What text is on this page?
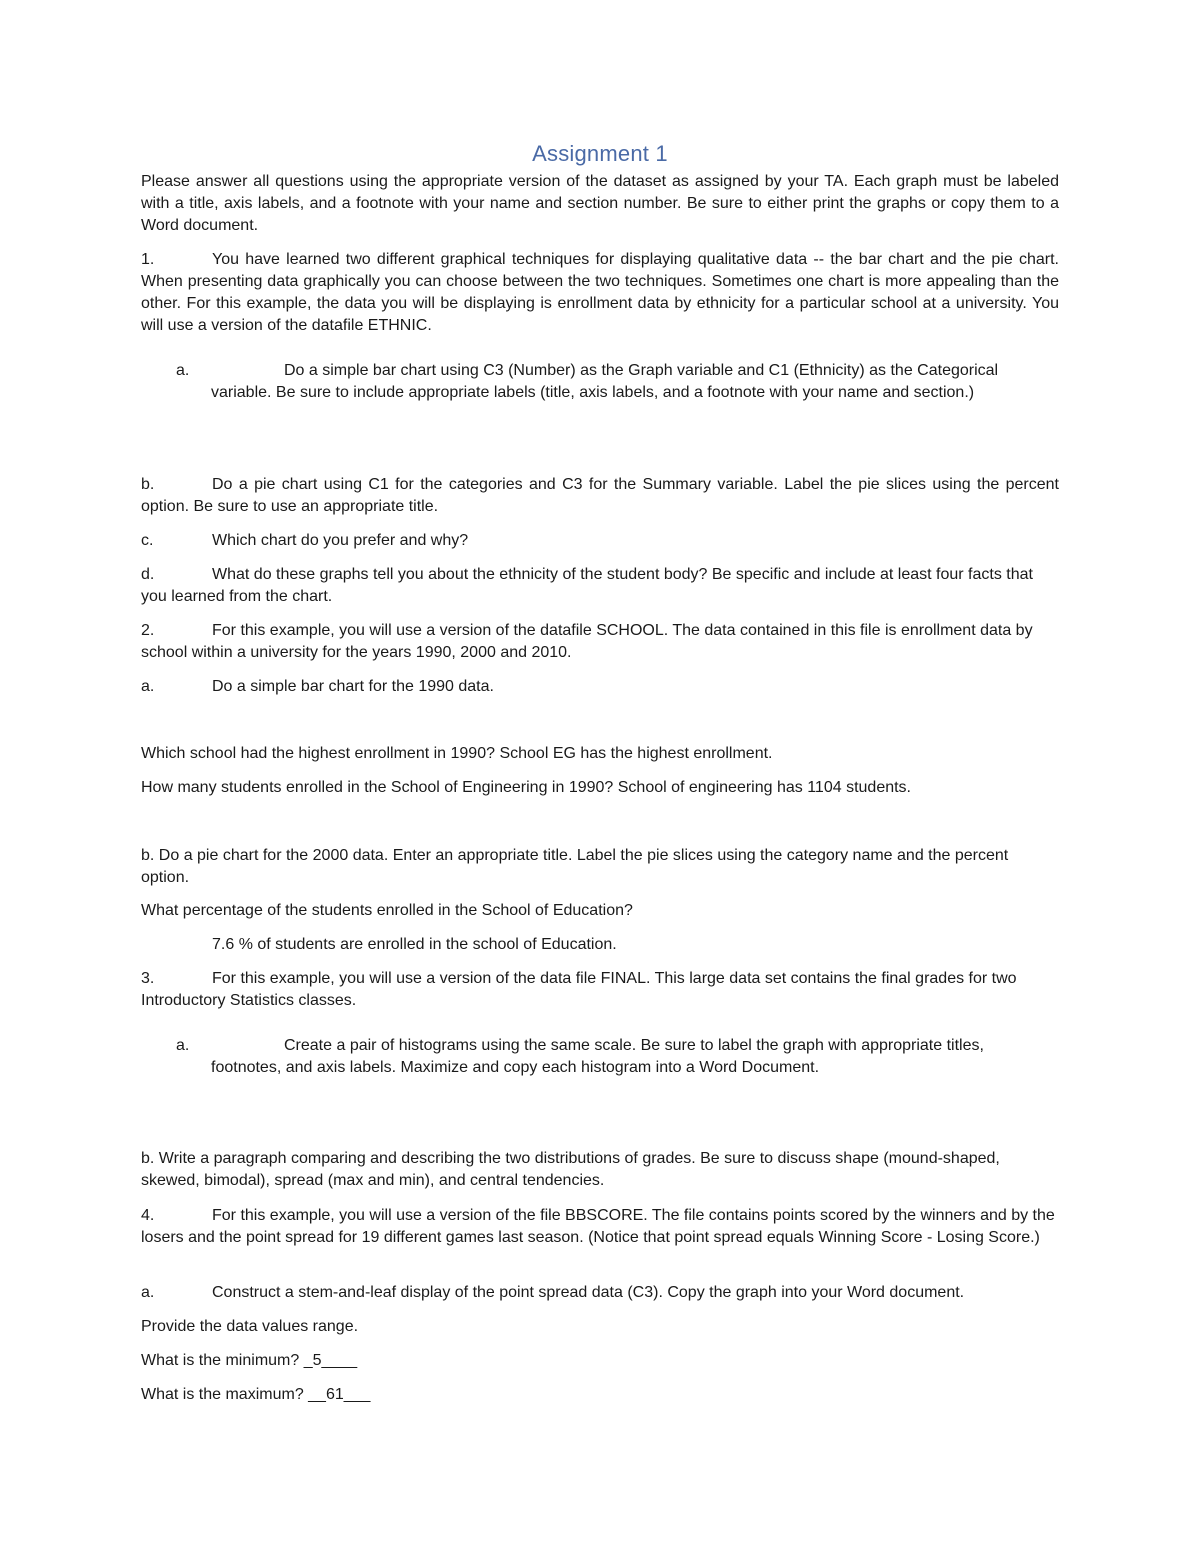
Assignment 1

Please answer all questions using the appropriate version of the dataset as assigned by your TA. Each graph must be labeled with a title, axis labels, and a footnote with your name and section number. Be sure to either print the graphs or copy them to a Word document.

1.	You have learned two different graphical techniques for displaying qualitative data -- the bar chart and the pie chart. When presenting data graphically you can choose between the two techniques. Sometimes one chart is more appealing than the other. For this example, the data you will be displaying is enrollment data by ethnicity for a particular school at a university. You will use a version of the datafile ETHNIC.

a.	Do a simple bar chart using C3 (Number) as the Graph variable and C1 (Ethnicity) as the Categorical
variable. Be sure to include appropriate labels (title, axis labels, and a footnote with your name and section.)

b.	Do a pie chart using C1 for the categories and C3 for the Summary variable. Label the pie slices using the percent option. Be sure to use an appropriate title.

c.	Which chart do you prefer and why?

d.	What do these graphs tell you about the ethnicity of the student body? Be specific and include at least four facts that you learned from the chart.

2.	For this example, you will use a version of the datafile SCHOOL. The data contained in this file is enrollment data by school within a university for the years 1990, 2000 and 2010.

a.	Do a simple bar chart for the 1990 data.

Which school had the highest enrollment in 1990? School EG has the highest enrollment.

How many students enrolled in the School of Engineering in 1990? School of engineering has 1104 students.

b. Do a pie chart for the 2000 data. Enter an appropriate title. Label the pie slices using the category name and the percent option.

What percentage of the students enrolled in the School of Education?

7.6 % of students are enrolled in the school of Education.

3.	For this example, you will use a version of the data file FINAL. This large data set contains the final grades for two Introductory Statistics classes.

a.	Create a pair of histograms using the same scale. Be sure to label the graph with appropriate titles,
footnotes, and axis labels. Maximize and copy each histogram into a Word Document.

b. Write a paragraph comparing and describing the two distributions of grades. Be sure to discuss shape (mound-shaped, skewed, bimodal), spread (max and min), and central tendencies.

4.	For this example, you will use a version of the file BBSCORE. The file contains points scored by the winners and by the losers and the point spread for 19 different games last season. (Notice that point spread equals Winning Score - Losing Score.)

a.	Construct a stem-and-leaf display of the point spread data (C3). Copy the graph into your Word document.

Provide the data values range.

What is the minimum? _5____

What is the maximum? __61___
